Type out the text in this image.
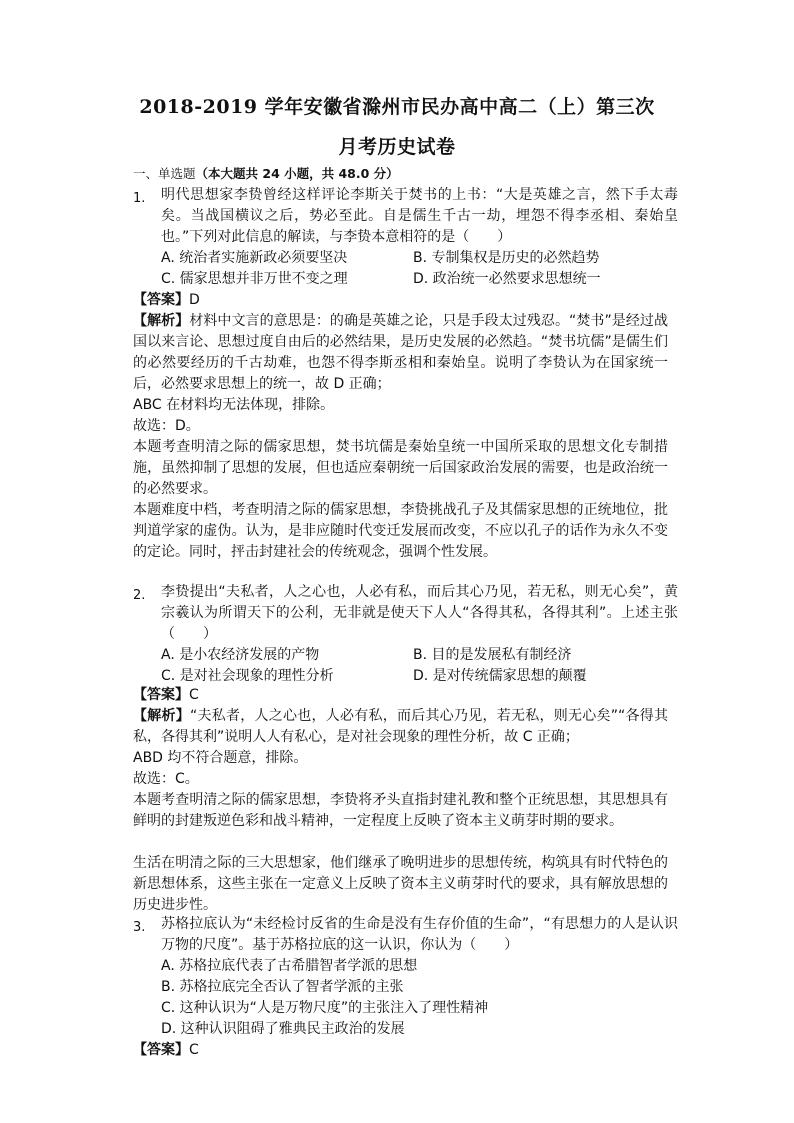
2018-2019 学年安徽省滁州市民办高中高二（上）第三次
月考历史试卷
一、单选题（本大题共 24 小题，共 48.0 分）
1.	明代思想家李贽曾经这样评论李斯关于焚书的上书：“大是英雄之言，然下手太毒矣。当战国横议之后，势必至此。自是儒生千古一劫，埋怨不得李丞相、秦始皇也。”下列对此信息的解读，与李贽本意相符的是（　　）
A. 统治者实施新政必须要坚决	B. 专制集权是历史的必然趋势
C. 儒家思想并非万世不变之理	D. 政治统一必然要求思想统一
【答案】D
【解析】材料中文言的意思是：的确是英雄之论，只是手段太过残忍。“焚书”是经过战国以来言论、思想过度自由后的必然结果，是历史发展的必然趋。“焚书坑儒”是儒生们的必然要经历的千古劫难，也怨不得李斯丞相和秦始皇。说明了李贽认为在国家统一后，必然要求思想上的统一，故 D 正确；
ABC 在材料均无法体现，排除。
故选：D。
本题考查明清之际的儒家思想，焚书坑儒是秦始皇统一中国所采取的思想文化专制措施，虽然抑制了思想的发展，但也适应秦朝统一后国家政治发展的需要，也是政治统一的必然要求。
本题难度中档，考查明清之际的儒家思想，李贽挑战孔子及其儒家思想的正统地位，批判道学家的虚伪。认为，是非应随时代变迁发展而改变，不应以孔子的话作为永久不变的定论。同时，抨击封建社会的传统观念，强调个性发展。
2.	李贽提出“夫私者，人之心也，人必有私，而后其心乃见，若无私，则无心矣”，黄宗羲认为所谓天下的公利，无非就是使天下人人“各得其私，各得其利”。上述主张（　　）
A. 是小农经济发展的产物	B. 目的是发展私有制经济
C. 是对社会现象的理性分析	D. 是对传统儒家思想的颠覆
【答案】C
【解析】“夫私者，人之心也，人必有私，而后其心乃见，若无私，则无心矣”“各得其私，各得其利”说明人人有私心，是对社会现象的理性分析，故 C 正确；
ABD 均不符合题意，排除。
故选：C。
本题考查明清之际的儒家思想，李贽将矛头直指封建礼教和整个正统思想，其思想具有鲜明的封建叛逆色彩和战斗精神，一定程度上反映了资本主义萌芽时期的要求。
生活在明清之际的三大思想家，他们继承了晚明进步的思想传统，构筑具有时代特色的新思想体系，这些主张在一定意义上反映了资本主义萌芽时代的要求，具有解放思想的历史进步性。
3.	苏格拉底认为“未经检讨反省的生命是没有生存价值的生命”，“有思想力的人是认识万物的尺度”。基于苏格拉底的这一认识，你认为（　　）
A. 苏格拉底代表了古希腊智者学派的思想
B. 苏格拉底完全否认了智者学派的主张
C. 这种认识为“人是万物尺度”的主张注入了理性精神
D. 这种认识阻碍了雅典民主政治的发展
【答案】C
